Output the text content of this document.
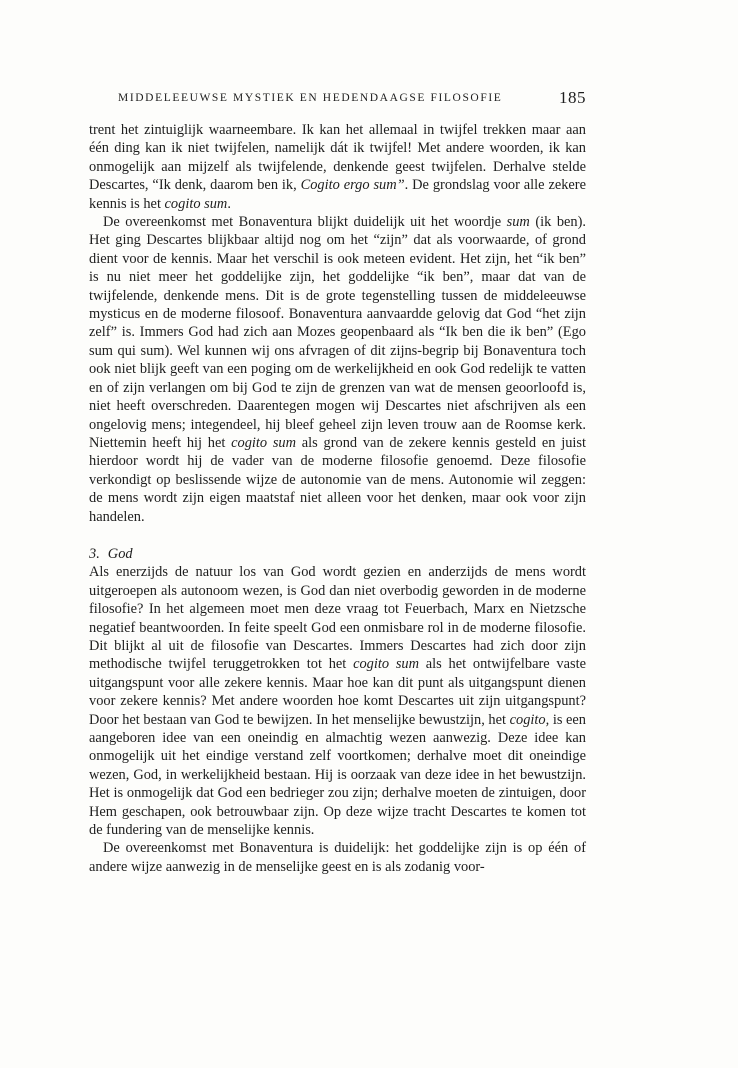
MIDDELEEUWSE MYSTIEK EN HEDENDAAGSE FILOSOFIE	185

trent het zintuiglijk waarneembare. Ik kan het allemaal in twijfel trekken maar aan één ding kan ik niet twijfelen, namelijk dát ik twijfel! Met andere woorden, ik kan onmogelijk aan mijzelf als twijfelende, denkende geest twijfelen. Derhalve stelde Descartes, “Ik denk, daarom ben ik, Cogito ergo sum”. De grondslag voor alle zekere kennis is het cogito sum.

De overeenkomst met Bonaventura blijkt duidelijk uit het woordje sum (ik ben). Het ging Descartes blijkbaar altijd nog om het “zijn” dat als voorwaarde, of grond dient voor de kennis. Maar het verschil is ook meteen evident. Het zijn, het “ik ben” is nu niet meer het goddelijke zijn, het goddelijke “ik ben”, maar dat van de twijfelende, denkende mens. Dit is de grote tegenstelling tussen de middeleeuwse mysticus en de moderne filosoof. Bonaventura aanvaardde gelovig dat God “het zijn zelf” is. Immers God had zich aan Mozes geopenbaard als “Ik ben die ik ben” (Ego sum qui sum). Wel kunnen wij ons afvragen of dit zijns-begrip bij Bonaventura toch ook niet blijk geeft van een poging om de werkelijkheid en ook God redelijk te vatten en of zijn verlangen om bij God te zijn de grenzen van wat de mensen geoorloofd is, niet heeft overschreden. Daarentegen mogen wij Descartes niet afschrijven als een ongelovig mens; integendeel, hij bleef geheel zijn leven trouw aan de Roomse kerk. Niettemin heeft hij het cogito sum als grond van de zekere kennis gesteld en juist hierdoor wordt hij de vader van de moderne filosofie genoemd. Deze filosofie verkondigt op beslissende wijze de autonomie van de mens. Autonomie wil zeggen: de mens wordt zijn eigen maatstaf niet alleen voor het denken, maar ook voor zijn handelen.

3. God

Als enerzijds de natuur los van God wordt gezien en anderzijds de mens wordt uitgeroepen als autonoom wezen, is God dan niet overbodig geworden in de moderne filosofie? In het algemeen moet men deze vraag tot Feuerbach, Marx en Nietzsche negatief beantwoorden. In feite speelt God een onmisbare rol in de moderne filosofie. Dit blijkt al uit de filosofie van Descartes. Immers Descartes had zich door zijn methodische twijfel teruggetrokken tot het cogito sum als het ontwijfelbare vaste uitgangspunt voor alle zekere kennis. Maar hoe kan dit punt als uitgangspunt dienen voor zekere kennis? Met andere woorden hoe komt Descartes uit zijn uitgangspunt? Door het bestaan van God te bewijzen. In het menselijke bewustzijn, het cogito, is een aangeboren idee van een oneindig en almachtig wezen aanwezig. Deze idee kan onmogelijk uit het eindige verstand zelf voortkomen; derhalve moet dit oneindige wezen, God, in werkelijkheid bestaan. Hij is oorzaak van deze idee in het bewustzijn. Het is onmogelijk dat God een bedrieger zou zijn; derhalve moeten de zintuigen, door Hem geschapen, ook betrouwbaar zijn. Op deze wijze tracht Descartes te komen tot de fundering van de menselijke kennis.

De overeenkomst met Bonaventura is duidelijk: het goddelijke zijn is op één of andere wijze aanwezig in de menselijke geest en is als zodanig voor-
